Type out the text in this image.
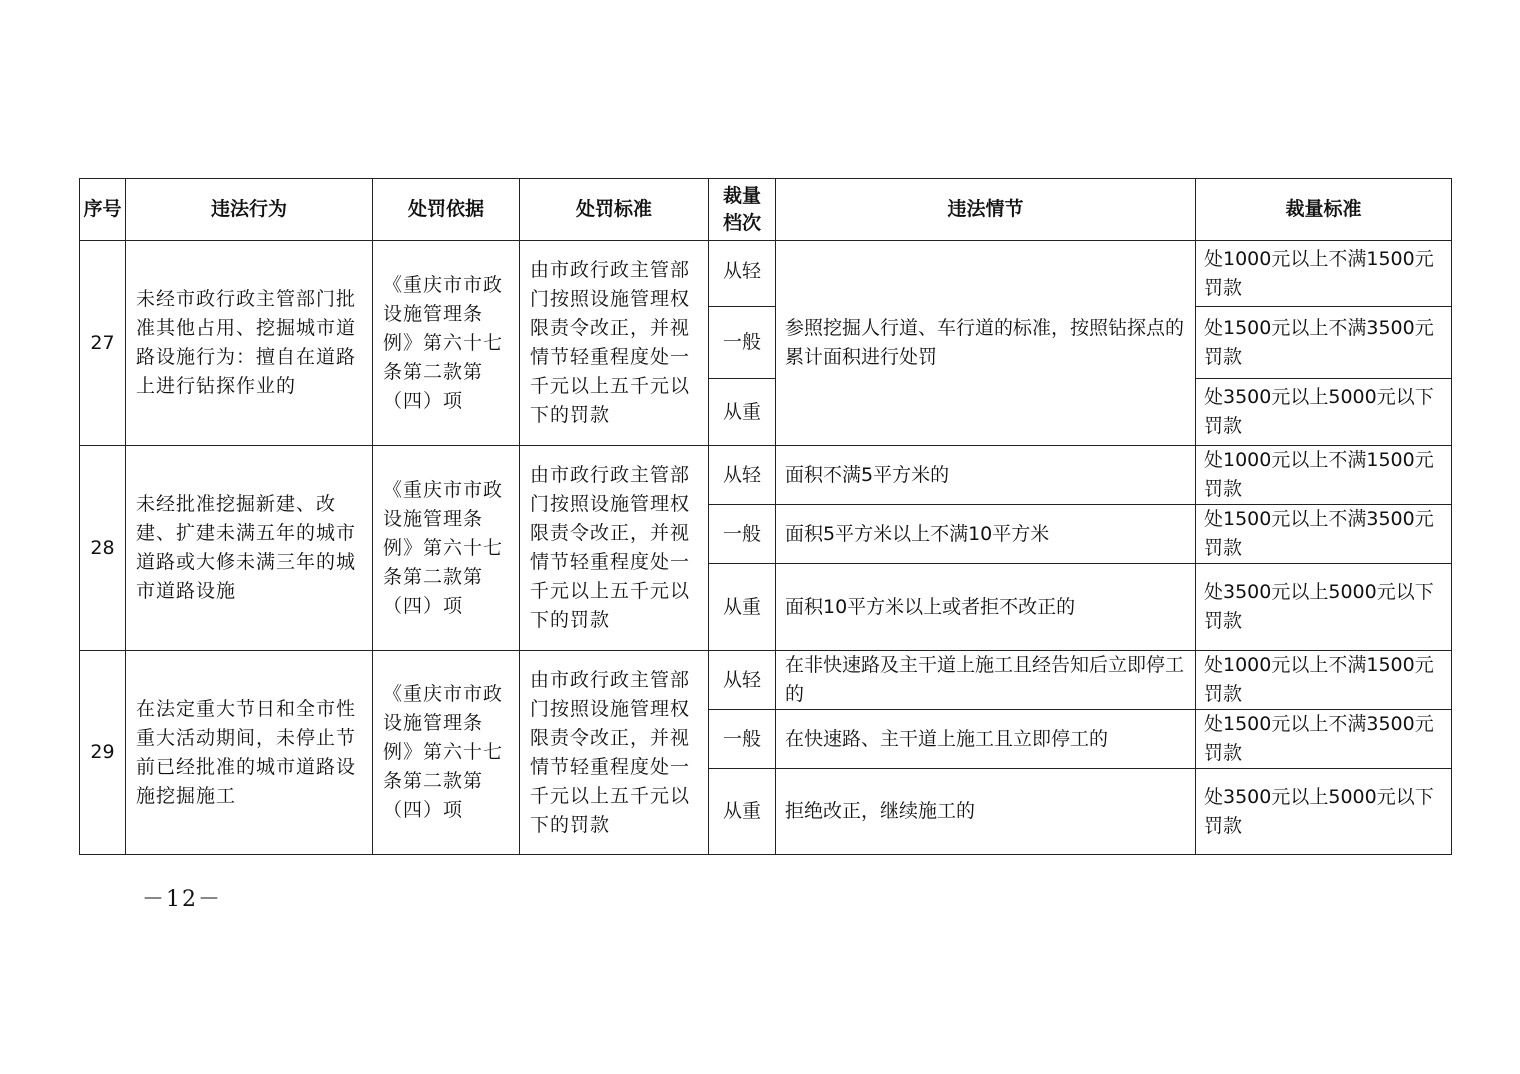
序号	违法行为	处罚依据	处罚标准	裁量档次	违法情节	裁量标准
27	未经市政行政主管部门批准其他占用、挖掘城市道路设施行为：擅自在道路上进行钻探作业的	《重庆市市政设施管理条例》第六十七条第二款第（四）项	由市政行政主管部门按照设施管理权限责令改正，并视情节轻重程度处一千元以上五千元以下的罚款	从轻	参照挖掘人行道、车行道的标准，按照钻探点的累计面积进行处罚	处1000元以上不满1500元罚款
				一般		处1500元以上不满3500元罚款
				从重		处3500元以上5000元以下罚款
28	未经批准挖掘新建、改建、扩建未满五年的城市道路或大修未满三年的城市道路设施	《重庆市市政设施管理条例》第六十七条第二款第（四）项	由市政行政主管部门按照设施管理权限责令改正，并视情节轻重程度处一千元以上五千元以下的罚款	从轻	面积不满5平方米的	处1000元以上不满1500元罚款
				一般	面积5平方米以上不满10平方米	处1500元以上不满3500元罚款
				从重	面积10平方米以上或者拒不改正的	处3500元以上5000元以下罚款
29	在法定重大节日和全市性重大活动期间，未停止节前已经批准的城市道路设施挖掘施工	《重庆市市政设施管理条例》第六十七条第二款第（四）项	由市政行政主管部门按照设施管理权限责令改正，并视情节轻重程度处一千元以上五千元以下的罚款	从轻	在非快速路及主干道上施工且经告知后立即停工的	处1000元以上不满1500元罚款
				一般	在快速路、主干道上施工且立即停工的	处1500元以上不满3500元罚款
				从重	拒绝改正，继续施工的	处3500元以上5000元以下罚款
－12－
